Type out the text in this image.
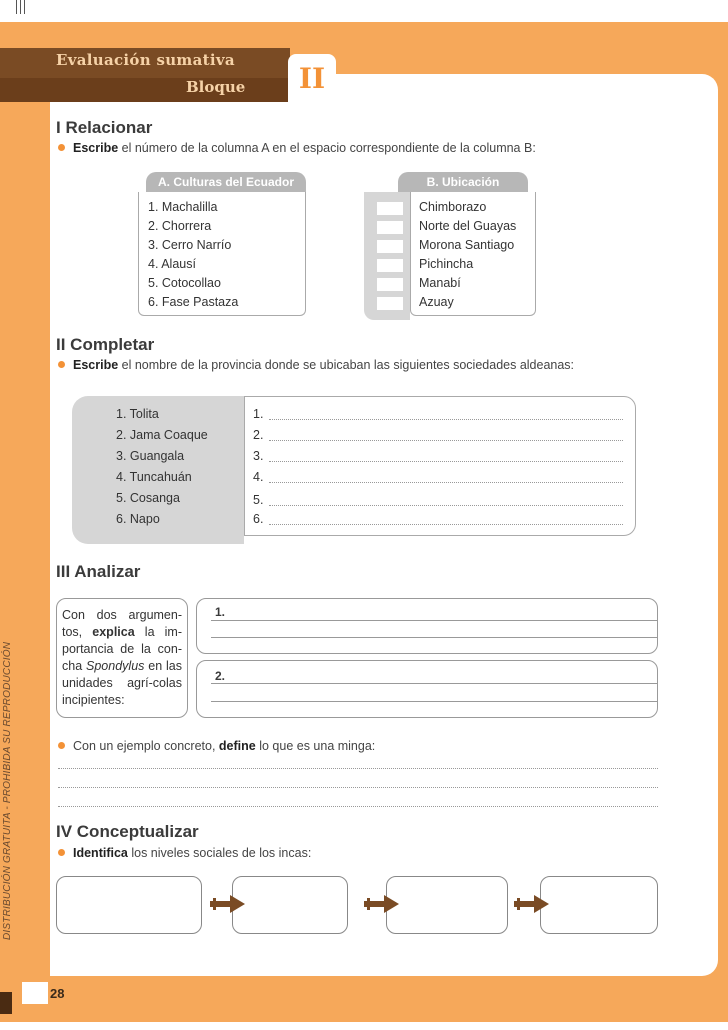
Evaluación sumativa
Bloque	II
DISTRIBUCIÓN GRATUITA - PROHIBIDA SU REPRODUCCIÓN
I Relacionar
Escribe el número de la columna A en el espacio correspondiente de la columna B:
A. Culturas del Ecuador
1. Machalilla
2. Chorrera
3. Cerro Narrío
4. Alausí
5. Cotocollao
6. Fase Pastaza
B. Ubicación
Chimborazo
Norte del Guayas
Morona Santiago
Pichincha
Manabí
Azuay
II Completar
Escribe el nombre de la provincia donde se ubicaban las siguientes sociedades aldeanas:
1. Tolita
2. Jama Coaque
3. Guangala
4. Tuncahuán
5. Cosanga
6. Napo
1.
2.
3.
4.
5.
6.
III Analizar
Con dos argumen-tos, explica la im-portancia de la con-cha Spondylus en las unidades agrí-colas incipientes:
1.
2.
Con un ejemplo concreto, define lo que es una minga:
IV Conceptualizar
Identifica los niveles sociales de los incas:
28
